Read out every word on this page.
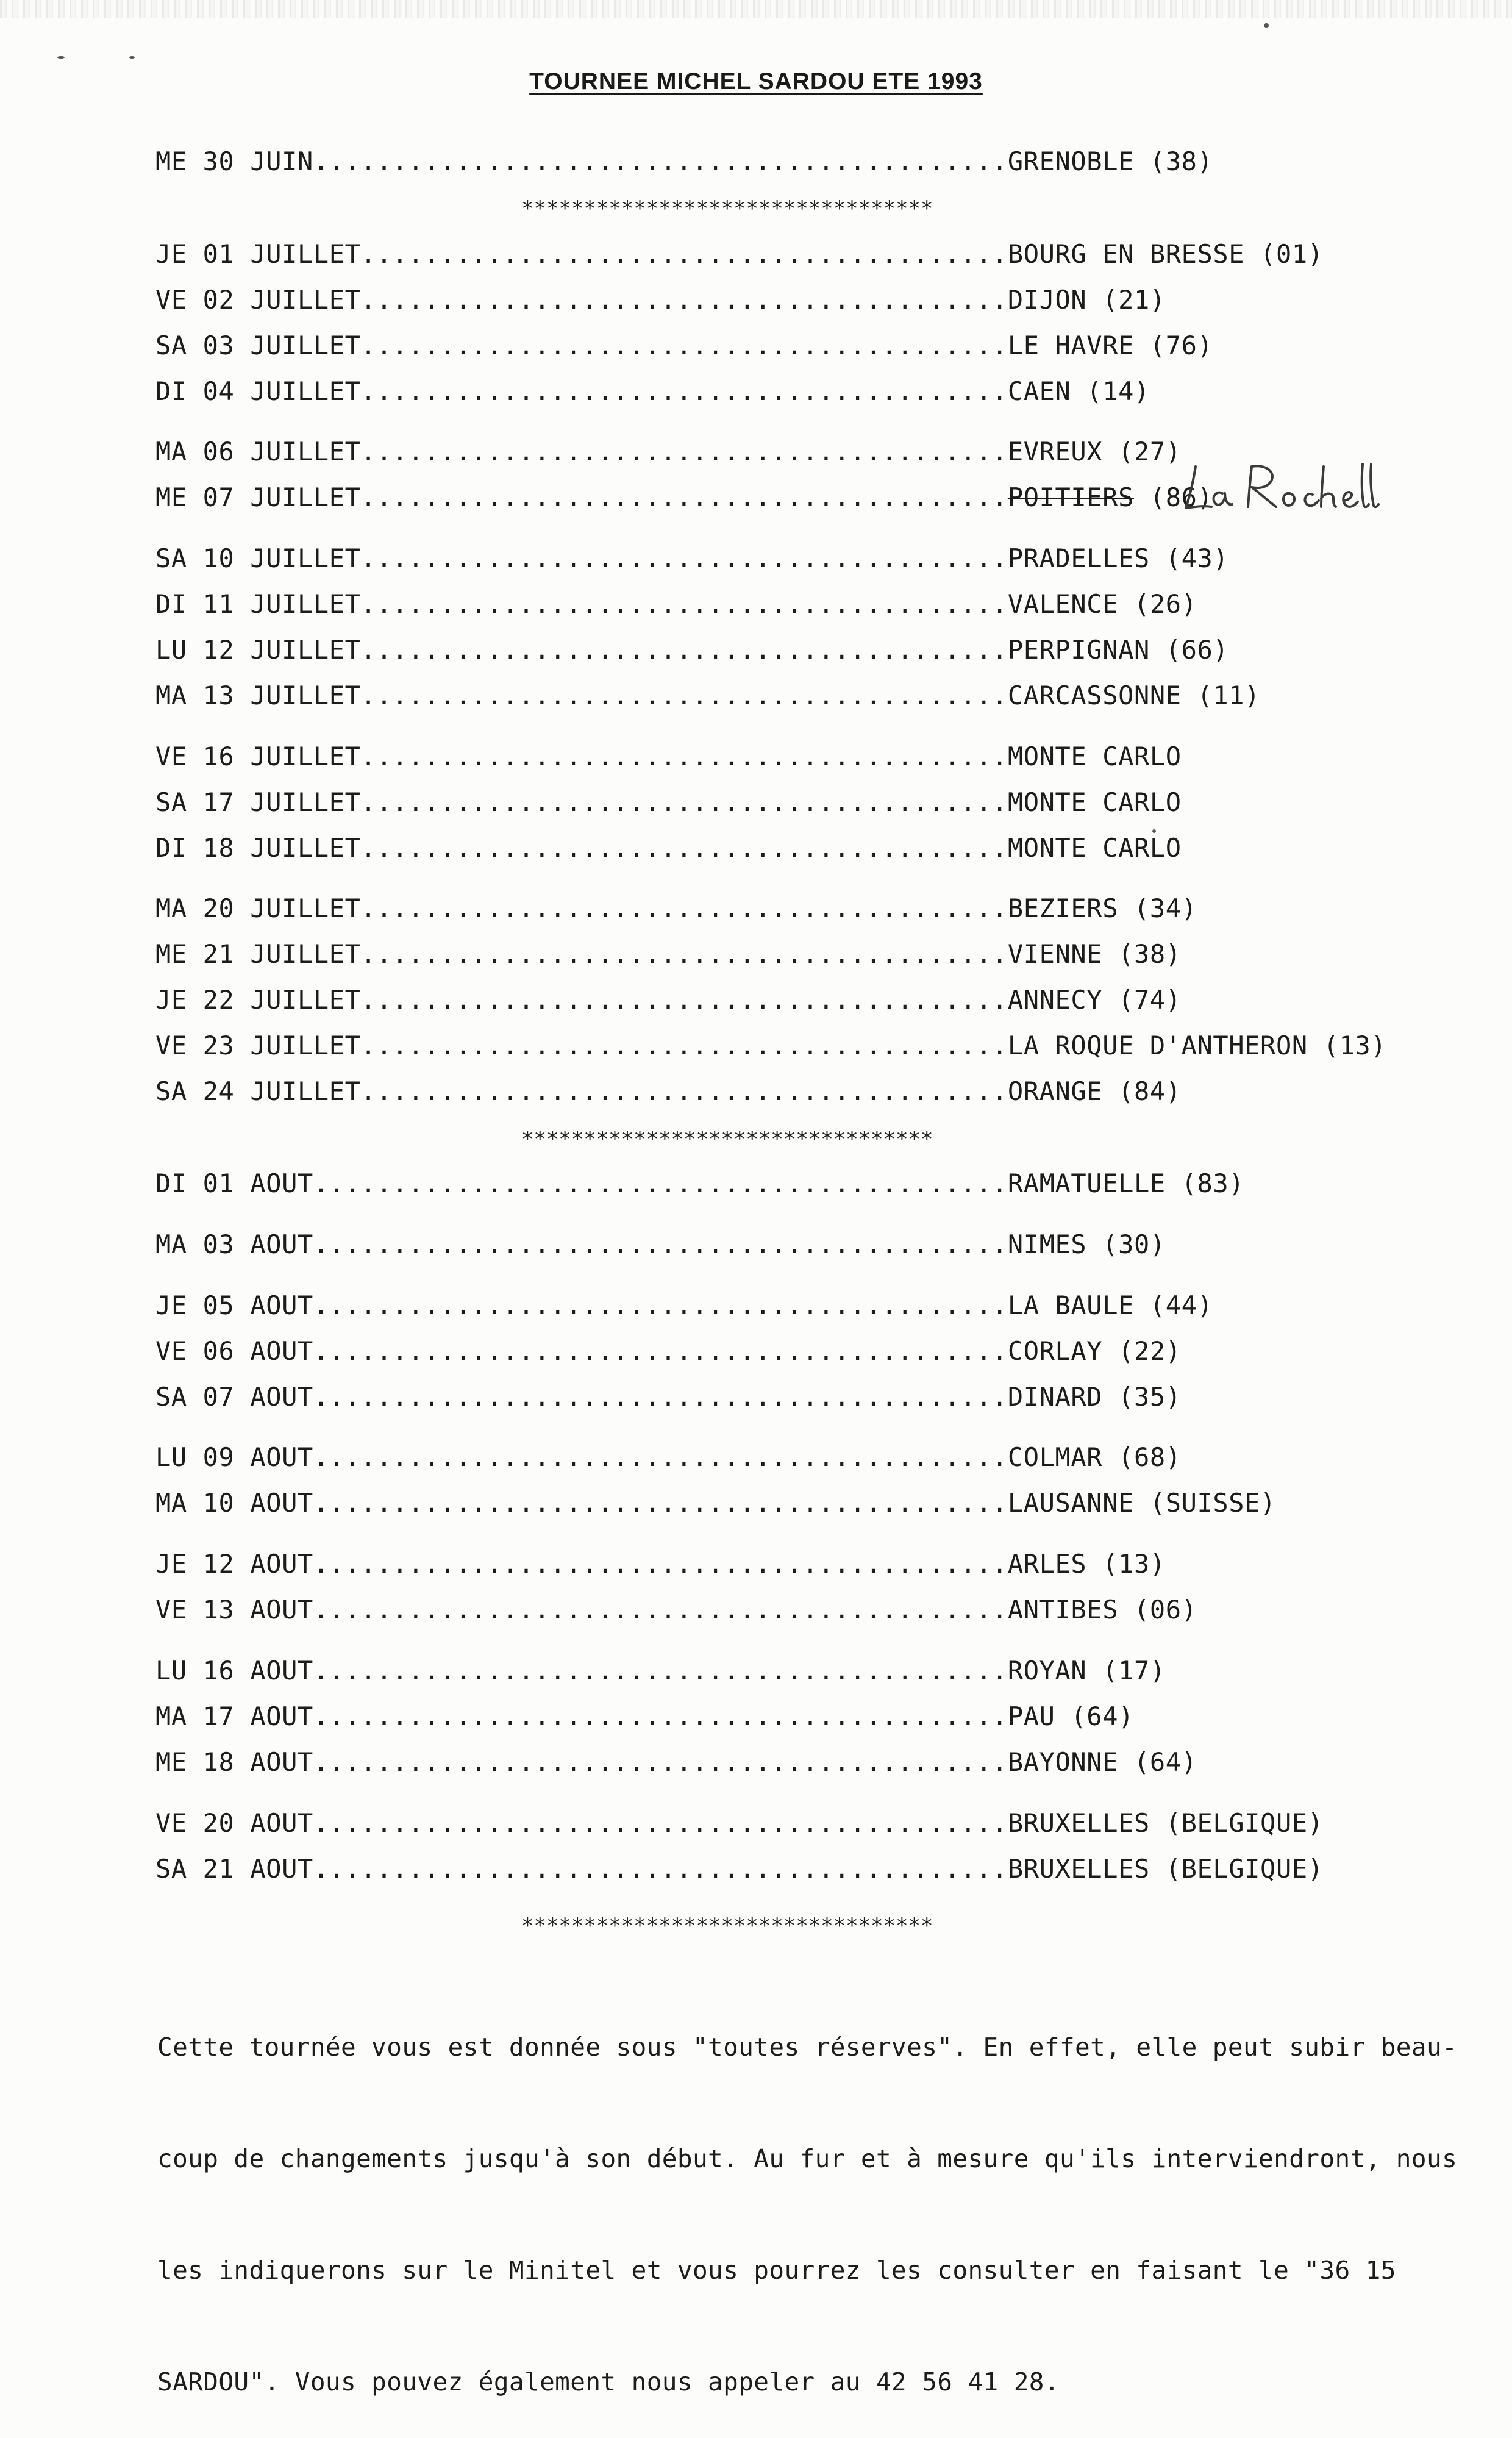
TOURNEE MICHEL SARDOU ETE 1993
ME 30 JUIN............................................GRENOBLE (38)
JE 01 JUILLET.........................................BOURG EN BRESSE (01)
VE 02 JUILLET.........................................DIJON (21)
SA 03 JUILLET.........................................LE HAVRE (76)
DI 04 JUILLET.........................................CAEN (14)
MA 06 JUILLET.........................................EVREUX (27)
ME 07 JUILLET.........................................POITIERS (86)
SA 10 JUILLET.........................................PRADELLES (43)
DI 11 JUILLET.........................................VALENCE (26)
LU 12 JUILLET.........................................PERPIGNAN (66)
MA 13 JUILLET.........................................CARCASSONNE (11)
VE 16 JUILLET.........................................MONTE CARLO
SA 17 JUILLET.........................................MONTE CARLO
DI 18 JUILLET.........................................MONTE CARLO
MA 20 JUILLET.........................................BEZIERS (34)
ME 21 JUILLET.........................................VIENNE (38)
JE 22 JUILLET.........................................ANNECY (74)
VE 23 JUILLET.........................................LA ROQUE D'ANTHERON (13)
SA 24 JUILLET.........................................ORANGE (84)
DI 01 AOUT............................................RAMATUELLE (83)
MA 03 AOUT............................................NIMES (30)
JE 05 AOUT............................................LA BAULE (44)
VE 06 AOUT............................................CORLAY (22)
SA 07 AOUT............................................DINARD (35)
LU 09 AOUT............................................COLMAR (68)
MA 10 AOUT............................................LAUSANNE (SUISSE)
JE 12 AOUT............................................ARLES (13)
VE 13 AOUT............................................ANTIBES (06)
LU 16 AOUT............................................ROYAN (17)
MA 17 AOUT............................................PAU (64)
ME 18 AOUT............................................BAYONNE (64)
VE 20 AOUT............................................BRUXELLES (BELGIQUE)
SA 21 AOUT............................................BRUXELLES (BELGIQUE)
*********************************
*********************************
*********************************

Cette tournée vous est donnée sous "toutes réserves". En effet, elle peut subir beau-

coup de changements jusqu'à son début. Au fur et à mesure qu'ils interviendront, nous

les indiquerons sur le Minitel et vous pourrez les consulter en faisant le "36 15

SARDOU". Vous pouvez également nous appeler au 42 56 41 28.
